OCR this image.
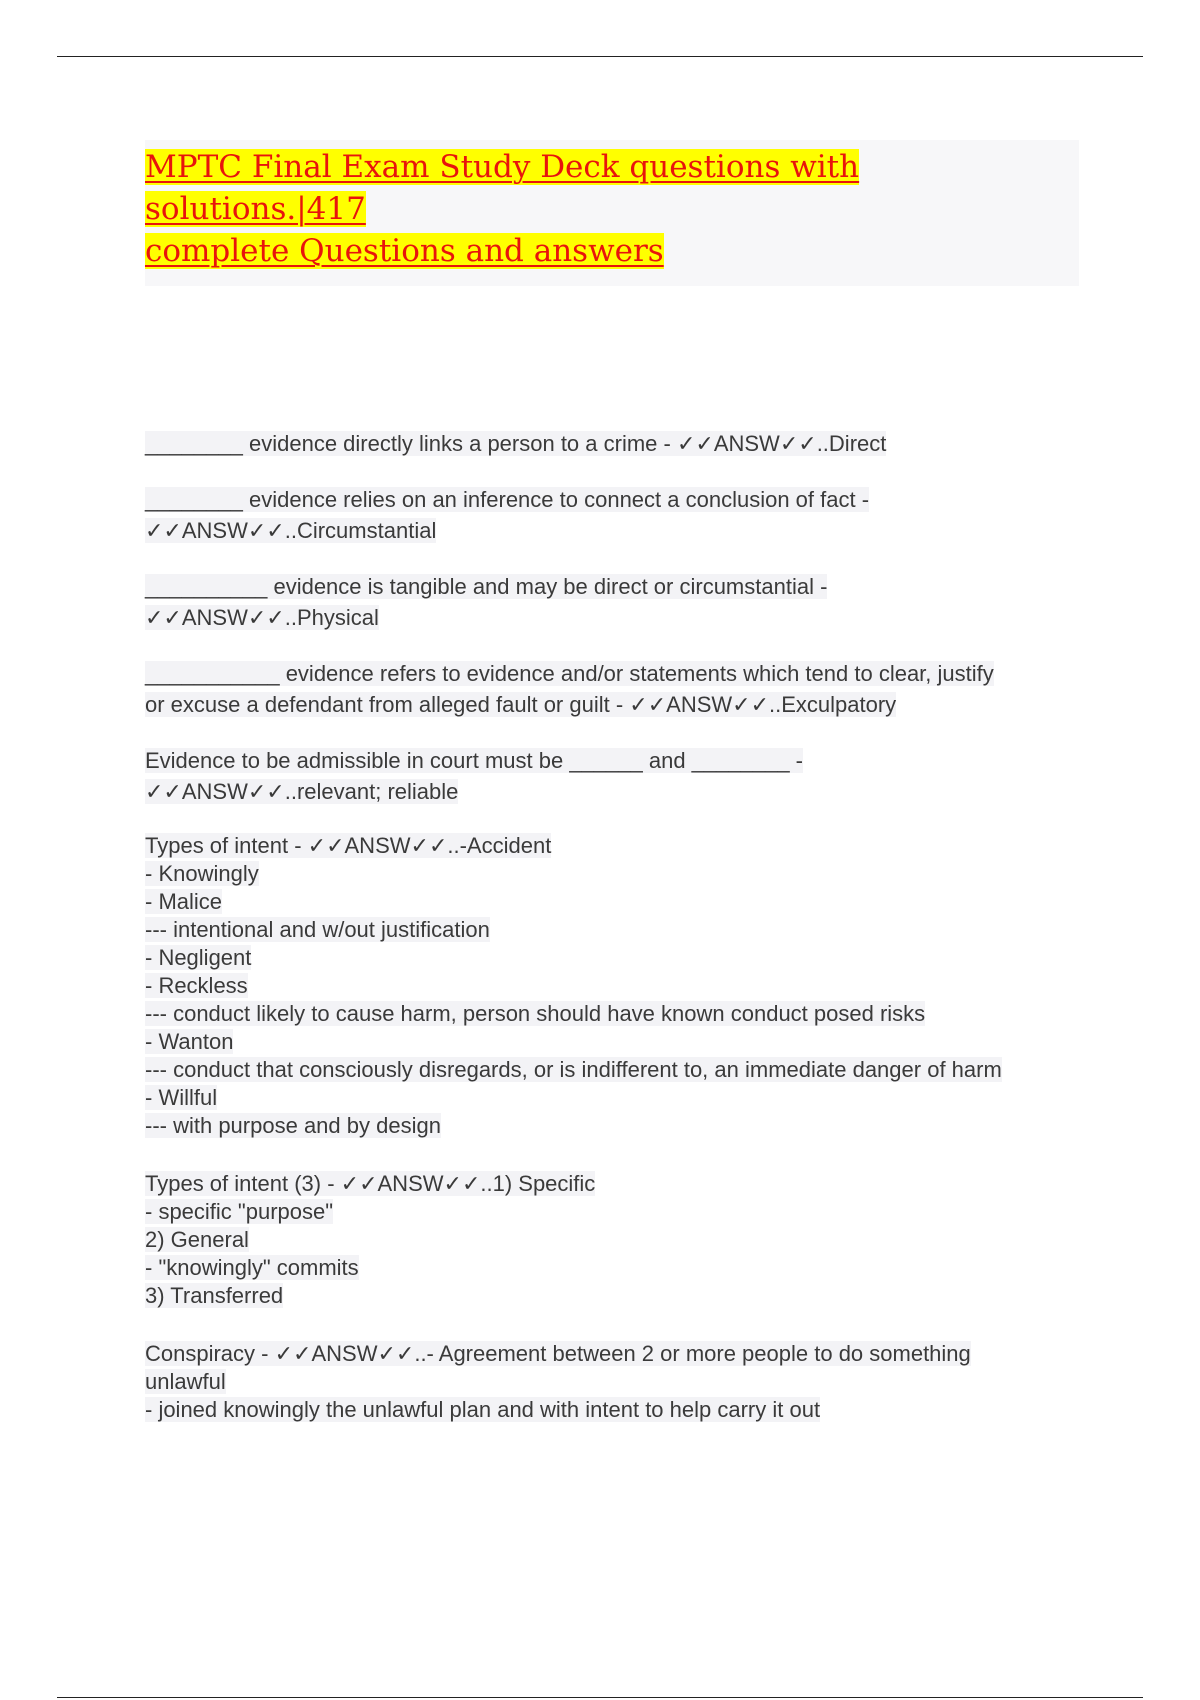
MPTC Final Exam Study Deck questions with solutions.|417
complete Questions and answers
________ evidence directly links a person to a crime - ✓✓ANSW✓✓..Direct
________ evidence relies on an inference to connect a conclusion of fact -
✓✓ANSW✓✓..Circumstantial
__________ evidence is tangible and may be direct or circumstantial -
✓✓ANSW✓✓..Physical
___________ evidence refers to evidence and/or statements which tend to clear, justify
or excuse a defendant from alleged fault or guilt - ✓✓ANSW✓✓..Exculpatory
Evidence to be admissible in court must be ______ and ________ -
✓✓ANSW✓✓..relevant; reliable
Types of intent - ✓✓ANSW✓✓..-Accident
- Knowingly
- Malice
--- intentional and w/out justification
- Negligent
- Reckless
--- conduct likely to cause harm, person should have known conduct posed risks
- Wanton
--- conduct that consciously disregards, or is indifferent to, an immediate danger of harm
- Willful
--- with purpose and by design
Types of intent (3) - ✓✓ANSW✓✓..1) Specific
- specific "purpose"
2) General
- "knowingly" commits
3) Transferred
Conspiracy - ✓✓ANSW✓✓..- Agreement between 2 or more people to do something
unlawful
- joined knowingly the unlawful plan and with intent to help carry it out
